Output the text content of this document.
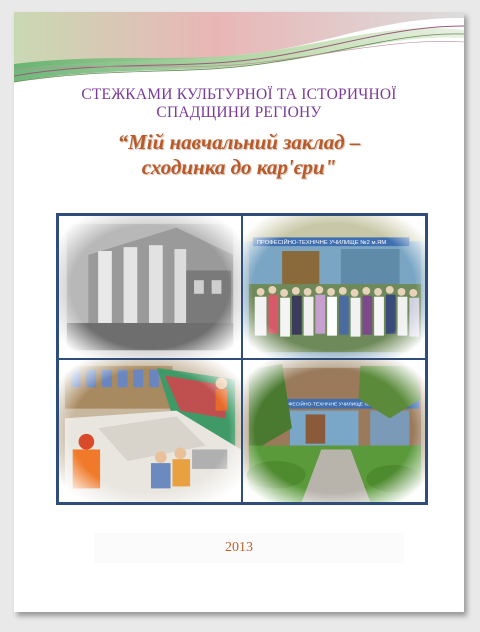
СТЕЖКАМИ КУЛЬТУРНОЇ ТА ІСТОРИЧНОЇ
СПАДЩИНИ РЕГІОНУ
“Мій навчальний заклад –
сходинка до кар'єри"
2013
